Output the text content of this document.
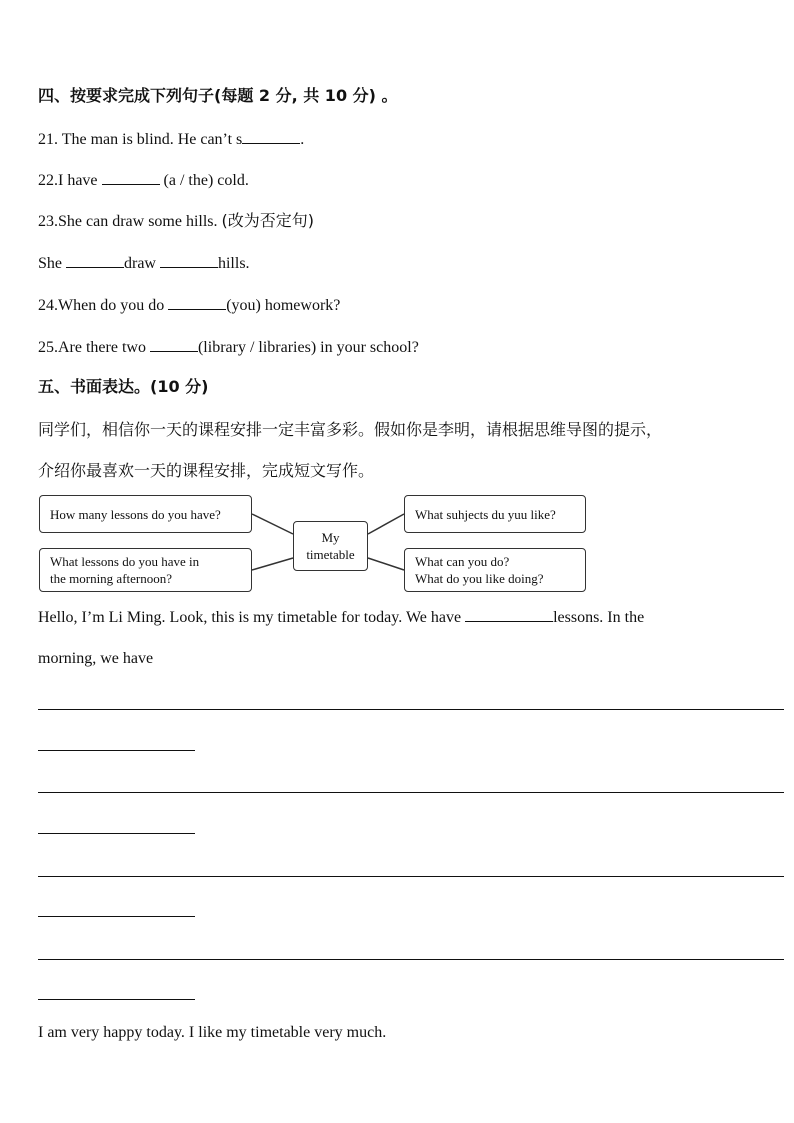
四、按要求完成下列句子(每题 2 分, 共 10 分) 。
21. The man is blind. He can’t s	.
22.I have	(a / the) cold.
23.She can draw some hills. (改为否定句)
She	draw	hills.
24.When do you do	(you) homework?
25.Are there two	(library / libraries) in your school?
五、书面表达。(10 分)
同学们，相信你一天的课程安排一定丰富多彩。假如你是李明，请根据思维导图的提示，
介绍你最喜欢一天的课程安排，完成短文写作。
How many lessons do you have?
What lessons do you have in
the morning afternoon?
My
timetable
What suhjects du yuu like?
What can you do?
What do you like doing?
Hello, I’m Li Ming. Look, this is my timetable for today. We have	lessons. In the
morning, we have
I am very happy today. I like my timetable very much.
